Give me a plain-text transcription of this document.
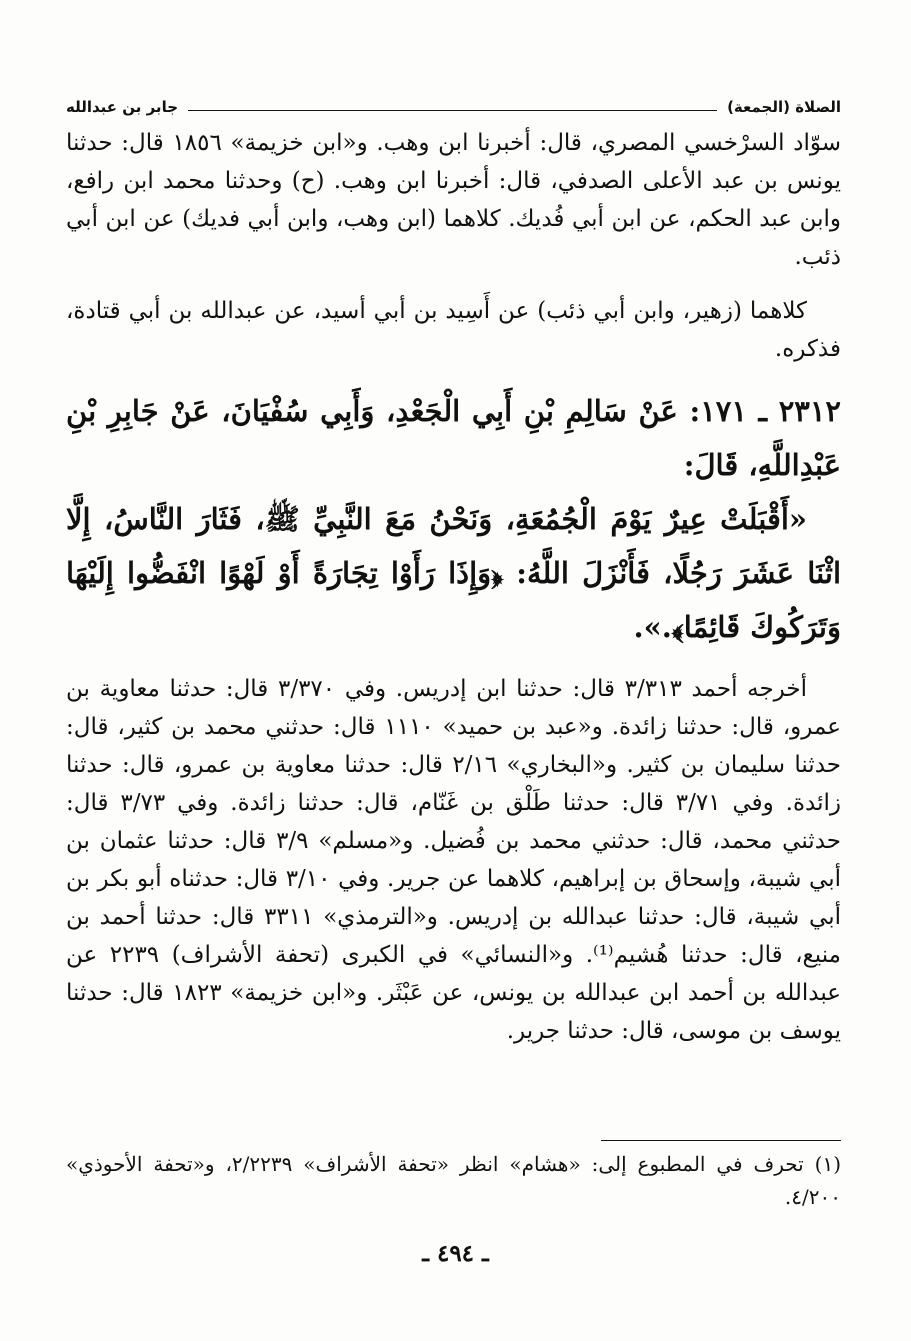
الصلاة (الجمعة)
جابر بن عبدالله

سوّاد السرْخسي المصري، قال: أخبرنا ابن وهب. و«ابن خزيمة» ١٨٥٦ قال: حدثنا يونس بن عبد الأعلى الصدفي، قال: أخبرنا ابن وهب. (ح) وحدثنا محمد ابن رافع، وابن عبد الحكم، عن ابن أبي فُديك. كلاهما (ابن وهب، وابن أبي فديك) عن ابن أبي ذئب.

كلاهما (زهير، وابن أبي ذئب) عن أَسِيد بن أبي أسيد، عن عبدالله بن أبي قتادة، فذكره.

٢٣١٢ ـ ١٧١: عَنْ سَالِمِ بْنِ أَبِي الْجَعْدِ، وَأَبِي سُفْيَانَ، عَنْ جَابِرِ بْنِ عَبْدِاللَّهِ، قَالَ:

«أَقْبَلَتْ عِيرٌ يَوْمَ الْجُمُعَةِ، وَنَحْنُ مَعَ النَّبِيِّ ﷺ، فَثَارَ النَّاسُ، إِلَّا اثْنَا عَشَرَ رَجُلًا، فَأَنْزَلَ اللَّهُ: ﴿وَإِذَا رَأَوْا تِجَارَةً أَوْ لَهْوًا انْفَضُّوا إِلَيْهَا وَتَرَكُوكَ قَائِمًا﴾.».

أخرجه أحمد ٣/٣١٣ قال: حدثنا ابن إدريس. وفي ٣/٣٧٠ قال: حدثنا معاوية بن عمرو، قال: حدثنا زائدة. و«عبد بن حميد» ١١١٠ قال: حدثني محمد بن كثير، قال: حدثنا سليمان بن كثير. و«البخاري» ٢/١٦ قال: حدثنا معاوية بن عمرو، قال: حدثنا زائدة. وفي ٣/٧١ قال: حدثنا طَلْق بن غَنّام، قال: حدثنا زائدة. وفي ٣/٧٣ قال: حدثني محمد، قال: حدثني محمد بن فُضيل. و«مسلم» ٣/٩ قال: حدثنا عثمان بن أبي شيبة، وإسحاق بن إبراهيم، كلاهما عن جرير. وفي ٣/١٠ قال: حدثناه أبو بكر بن أبي شيبة، قال: حدثنا عبدالله بن إدريس. و«الترمذي» ٣٣١١ قال: حدثنا أحمد بن منيع، قال: حدثنا هُشيم⁽¹⁾. و«النسائي» في الكبرى (تحفة الأشراف) ٢٢٣٩ عن عبدالله بن أحمد ابن عبدالله بن يونس، عن عَبْثَر. و«ابن خزيمة» ١٨٢٣ قال: حدثنا يوسف بن موسى، قال: حدثنا جرير.

(١) تحرف في المطبوع إلى: «هشام» انظر «تحفة الأشراف» ٢/٢٢٣٩، و«تحفة الأحوذي» ٤/٢٠٠.

ـ ٤٩٤ ـ
